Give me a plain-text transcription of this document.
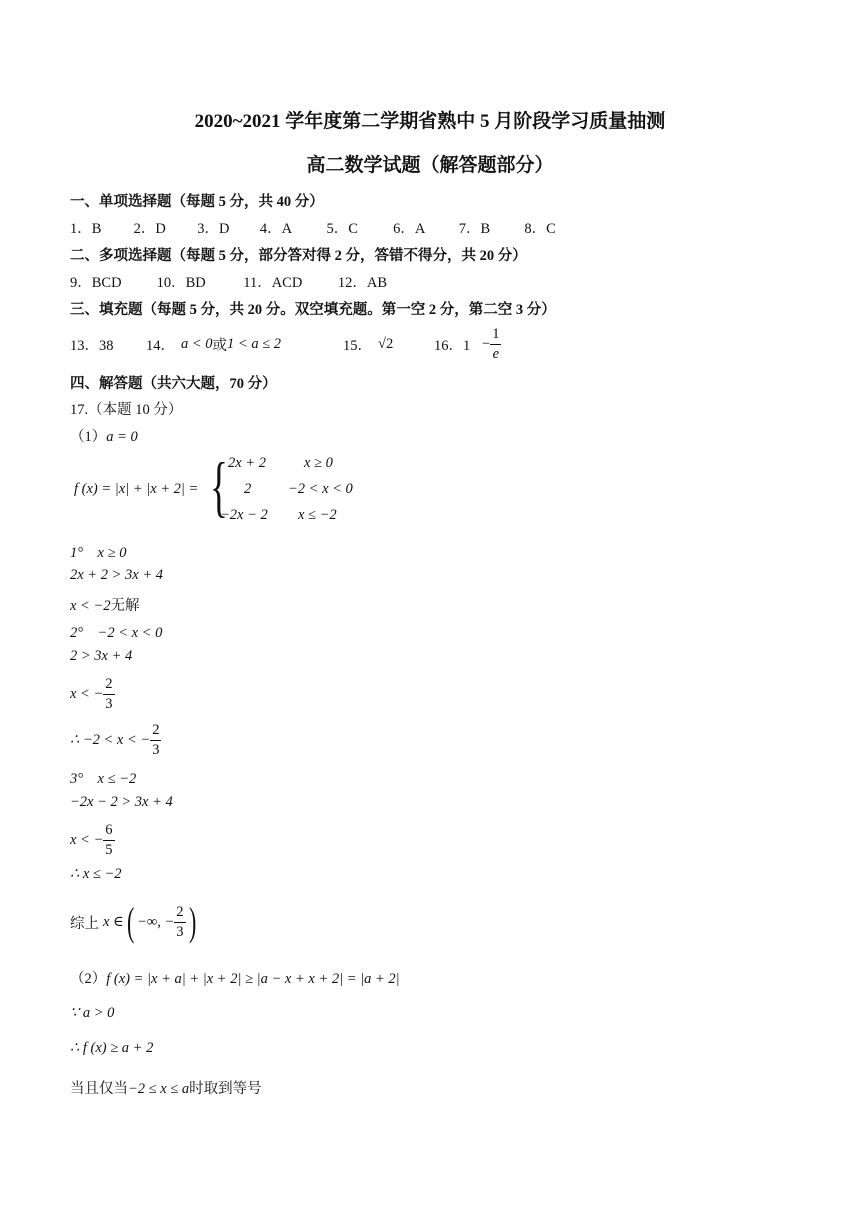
2020~2021 学年度第二学期省熟中 5 月阶段学习质量抽测
高二数学试题（解答题部分）
一、单项选择题（每题 5 分，共 40 分）
1．B 2．D 3．D 4．A 5．C 6．A 7．B 8．C
二、多项选择题（每题 5 分，部分答对得 2 分，答错不得分，共 20 分）
9．BCD 10．BD	11．ACD 12．AB
三、填充题（每题 5 分，共 20 分。双空填充题。第一空 2 分，第二空 3 分）
13．38	14． a < 0 或 1 < a ≤ 2	15． √2	16．$1 - \frac{1}{e}$
四、解答题（共六大题，70 分）
17.（本题 10 分）
（1）a = 0
f (x) = |x| + |x + 2| = { 2x + 2	x ≥ 0
2	−2 < x < 0
−2x − 2 x ≤ −2
1°　x ≥ 0
2x + 2 > 3x + 4
x < −2无解
2°　−2 < x < 0
2 > 3x + 4
x < − $\frac{2}{3}$
∴ −2 < x < − $\frac{2}{3}$
3°　x ≤ −2
−2x − 2 > 3x + 4
x < − $\frac{6}{5}$
∴ x ≤ −2
综上 x ∈ ( −∞, − $\frac{2}{3}$ )
（2）f (x) = |x + a| + |x + 2| ≥ |a − x + x + 2| = |a + 2|
∵ a > 0
∴ f (x) ≥ a + 2
当且仅当−2 ≤ x ≤ a时取到等号
